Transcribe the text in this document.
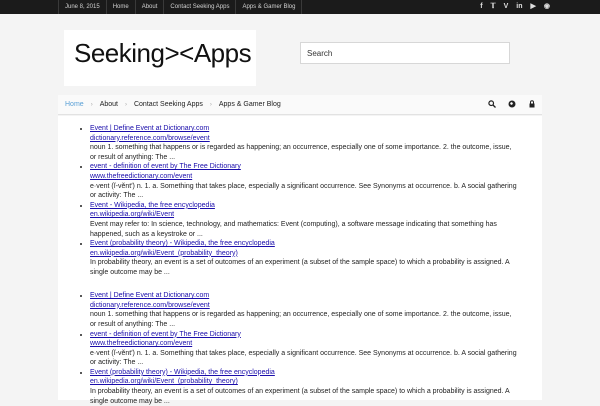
June 8, 2015	Home	About	Contact Seeking Apps	Apps & Gamer Blog	f 𝕋 V in ▶ ◉
Seeking><Apps
Search
Home	›	About	›	Contact Seeking Apps	›	Apps & Gamer Blog
• Event | Define Event at Dictionary.com
dictionary.reference.com/browse/event
noun 1. something that happens or is regarded as happening; an occurrence, especially one of some importance. 2. the outcome, issue, or result of anything: The ...
• event - definition of event by The Free Dictionary
www.thefreedictionary.com/event
e·vent (ĭ-vĕnt′) n. 1. a. Something that takes place, especially a significant occurrence. See Synonyms at occurrence. b. A social gathering or activity: The ...
• Event - Wikipedia, the free encyclopedia
en.wikipedia.org/wiki/Event
Event may refer to: In science, technology, and mathematics: Event (computing), a software message indicating that something has happened, such as a keystroke or ...
• Event (probability theory) - Wikipedia, the free encyclopedia
en.wikipedia.org/wiki/Event_(probability_theory)
In probability theory, an event is a set of outcomes of an experiment (a subset of the sample space) to which a probability is assigned. A single outcome may be ...
• Event | Define Event at Dictionary.com
dictionary.reference.com/browse/event
noun 1. something that happens or is regarded as happening; an occurrence, especially one of some importance. 2. the outcome, issue, or result of anything: The ...
• event - definition of event by The Free Dictionary
www.thefreedictionary.com/event
e·vent (ĭ-vĕnt′) n. 1. a. Something that takes place, especially a significant occurrence. See Synonyms at occurrence. b. A social gathering or activity: The ...
• Event (probability theory) - Wikipedia, the free encyclopedia
en.wikipedia.org/wiki/Event_(probability_theory)
In probability theory, an event is a set of outcomes of an experiment (a subset of the sample space) to which a probability is assigned. A single outcome may be ...
